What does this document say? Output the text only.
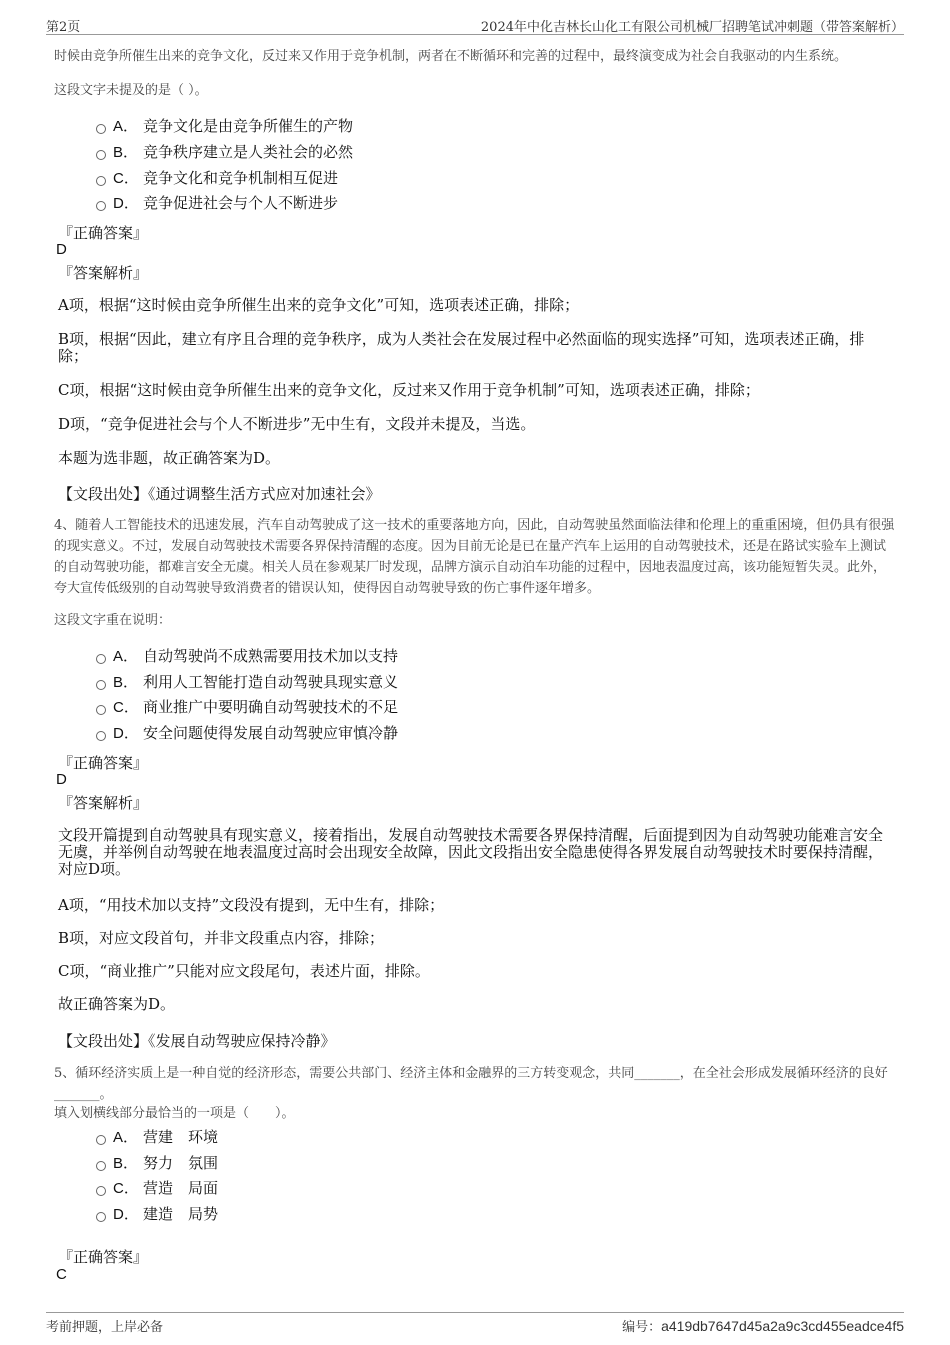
第2页	2024年中化吉林长山化工有限公司机械厂招聘笔试冲刺题（带答案解析）
时候由竞争所催生出来的竞争文化，反过来又作用于竞争机制，两者在不断循环和完善的过程中，最终演变成为社会自我驱动的内生系统。
这段文字未提及的是（ ）。
A． 竞争文化是由竞争所催生的产物
B． 竞争秩序建立是人类社会的必然
C． 竞争文化和竞争机制相互促进
D． 竞争促进社会与个人不断进步
『正确答案』
D
『答案解析』
A项，根据“这时候由竞争所催生出来的竞争文化”可知，选项表述正确，排除；
B项，根据“因此，建立有序且合理的竞争秩序，成为人类社会在发展过程中必然面临的现实选择”可知，选项表述正确，排除；
C项，根据“这时候由竞争所催生出来的竞争文化，反过来又作用于竞争机制”可知，选项表述正确，排除；
D项，“竞争促进社会与个人不断进步”无中生有，文段并未提及，当选。
本题为选非题，故正确答案为D。
【文段出处】《通过调整生活方式应对加速社会》
4、随着人工智能技术的迅速发展，汽车自动驾驶成了这一技术的重要落地方向，因此，自动驾驶虽然面临法律和伦理上的重重困境，但仍具有很强的现实意义。不过，发展自动驾驶技术需要各界保持清醒的态度。因为目前无论是已在量产汽车上运用的自动驾驶技术，还是在路试实验车上测试的自动驾驶功能，都难言安全无虞。相关人员在参观某厂时发现，品牌方演示自动泊车功能的过程中，因地表温度过高，该功能短暂失灵。此外，夸大宣传低级别的自动驾驶导致消费者的错误认知，使得因自动驾驶导致的伤亡事件逐年增多。
这段文字重在说明：
A． 自动驾驶尚不成熟需要用技术加以支持
B． 利用人工智能打造自动驾驶具现实意义
C． 商业推广中要明确自动驾驶技术的不足
D． 安全问题使得发展自动驾驶应审慎冷静
『正确答案』
D
『答案解析』
文段开篇提到自动驾驶具有现实意义，接着指出，发展自动驾驶技术需要各界保持清醒，后面提到因为自动驾驶功能难言安全无虞，并举例自动驾驶在地表温度过高时会出现安全故障，因此文段指出安全隐患使得各界发展自动驾驶技术时要保持清醒，对应D项。
A项，“用技术加以支持”文段没有提到，无中生有，排除；
B项，对应文段首句，并非文段重点内容，排除；
C项，“商业推广”只能对应文段尾句，表述片面，排除。
故正确答案为D。
【文段出处】《发展自动驾驶应保持冷静》
5、循环经济实质上是一种自觉的经济形态，需要公共部门、经济主体和金融界的三方转变观念，共同_______，在全社会形成发展循环经济的良好_______。
填入划横线部分最恰当的一项是（　　）。
A． 营建　环境
B． 努力　氛围
C． 营造　局面
D． 建造　局势
『正确答案』
C
考前押题，上岸必备	编号：a419db7647d45a2a9c3cd455eadce4f5
